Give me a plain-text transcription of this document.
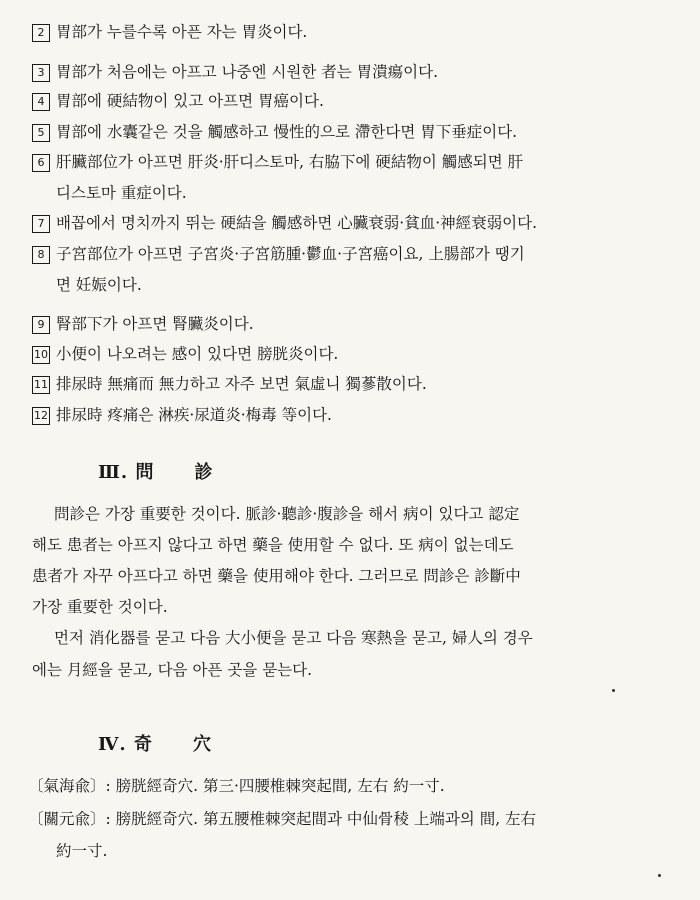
2 胃部가 누를수록 아픈 자는 胃炎이다.
3 胃部가 처음에는 아프고 나중엔 시원한 者는 胃潰瘍이다.
4 胃部에 硬結物이 있고 아프면 胃癌이다.
5 胃部에 水囊같은 것을 觸感하고 慢性的으로 滯한다면 胃下垂症이다.
6 肝臟部位가 아프면 肝炎·肝디스토마, 右脇下에 硬結物이 觸感되면 肝
디스토마 重症이다.
7 배꼽에서 명치까지 뛰는 硬結을 觸感하면 心臟衰弱·貧血·神經衰弱이다.
8 子宮部位가 아프면 子宮炎·子宮筋腫·鬱血·子宮癌이요, 上腸部가 땡기
면 妊娠이다.
9 腎部下가 아프면 腎臟炎이다.
10 小便이 나오려는 感이 있다면 膀胱炎이다.
11 排尿時 無痛而 無力하고 자주 보면 氣虛니 獨蔘散이다.
12 排尿時 疼痛은 淋疾·尿道炎·梅毒 等이다.
Ⅲ. 問 診
問診은 가장 重要한 것이다. 脈診·聽診·腹診을 해서 病이 있다고 認定
해도 患者는 아프지 않다고 하면 藥을 使用할 수 없다. 또 病이 없는데도
患者가 자꾸 아프다고 하면 藥을 使用해야 한다. 그러므로 問診은 診斷中
가장 重要한 것이다.
먼저 消化器를 묻고 다음 大小便을 묻고 다음 寒熱을 묻고, 婦人의 경우
에는 月經을 묻고, 다음 아픈 곳을 묻는다.
Ⅳ. 奇 穴
〔氣海兪〕: 膀胱經奇穴. 第三·四腰椎棘突起間, 左右 約一寸.
〔關元兪〕: 膀胱經奇穴. 第五腰椎棘突起間과 中仙骨稜 上端과의 間, 左右
約一寸.
